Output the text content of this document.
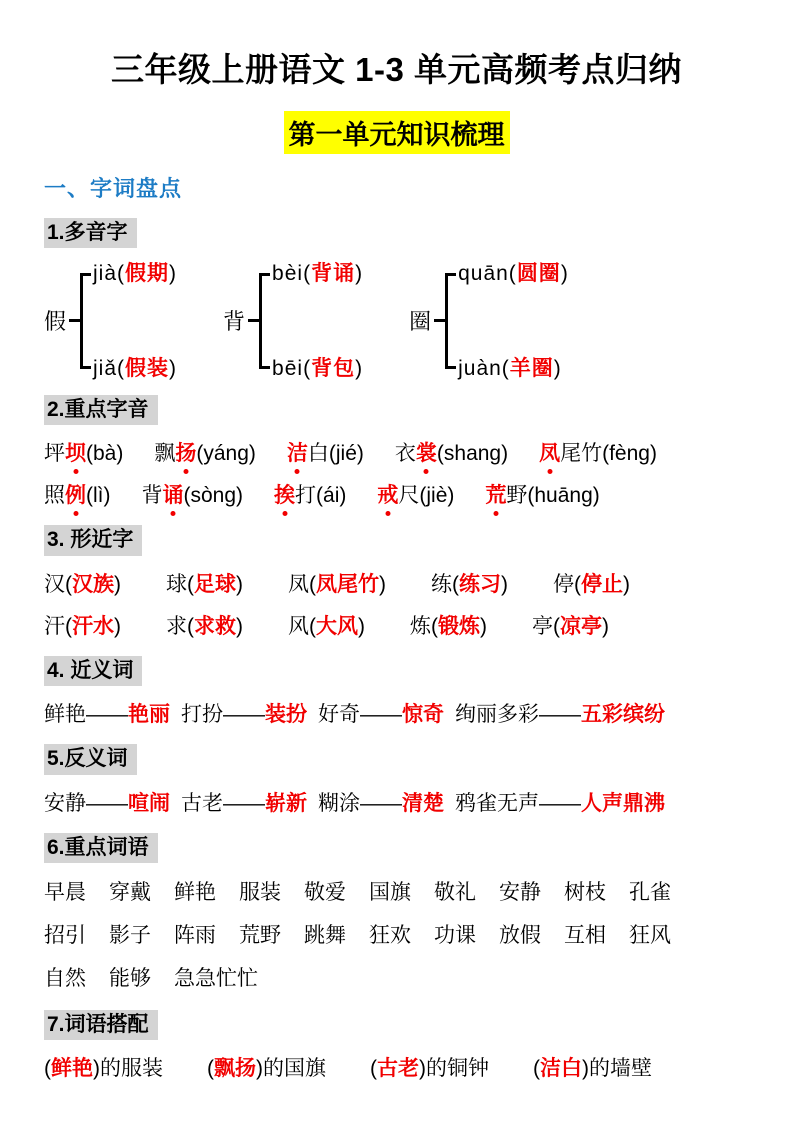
三年级上册语文 1-3 单元高频考点归纳
第一单元知识梳理
一、字词盘点
1.多音字
假
jià(假期)
jiǎ(假装)
背
bèi(背诵)
bēi(背包)
圈
quān(圆圈)
juàn(羊圈)
2.重点字音
坪坝(bà) 飘扬(yáng) 洁白(jié) 衣裳(shang) 凤尾竹(fèng)
照例(lì) 背诵(sòng) 挨打(ái) 戒尺(jiè) 荒野(huāng)
3. 形近字
汉(汉族) 球(足球) 凤(凤尾竹) 练(练习) 停(停止)
汗(汗水) 求(求救) 风(大风) 炼(锻炼) 亭(凉亭)
4. 近义词
鲜艳——艳丽 打扮——装扮 好奇——惊奇 绚丽多彩——五彩缤纷
5.反义词
安静——喧闹 古老——崭新 糊涂——清楚 鸦雀无声——人声鼎沸
6.重点词语
早晨 穿戴 鲜艳 服装 敬爱 国旗 敬礼 安静 树枝 孔雀
招引 影子 阵雨 荒野 跳舞 狂欢 功课 放假 互相 狂风
自然 能够 急急忙忙
7.词语搭配
(鲜艳)的服装 (飘扬)的国旗 (古老)的铜钟 (洁白)的墙壁
